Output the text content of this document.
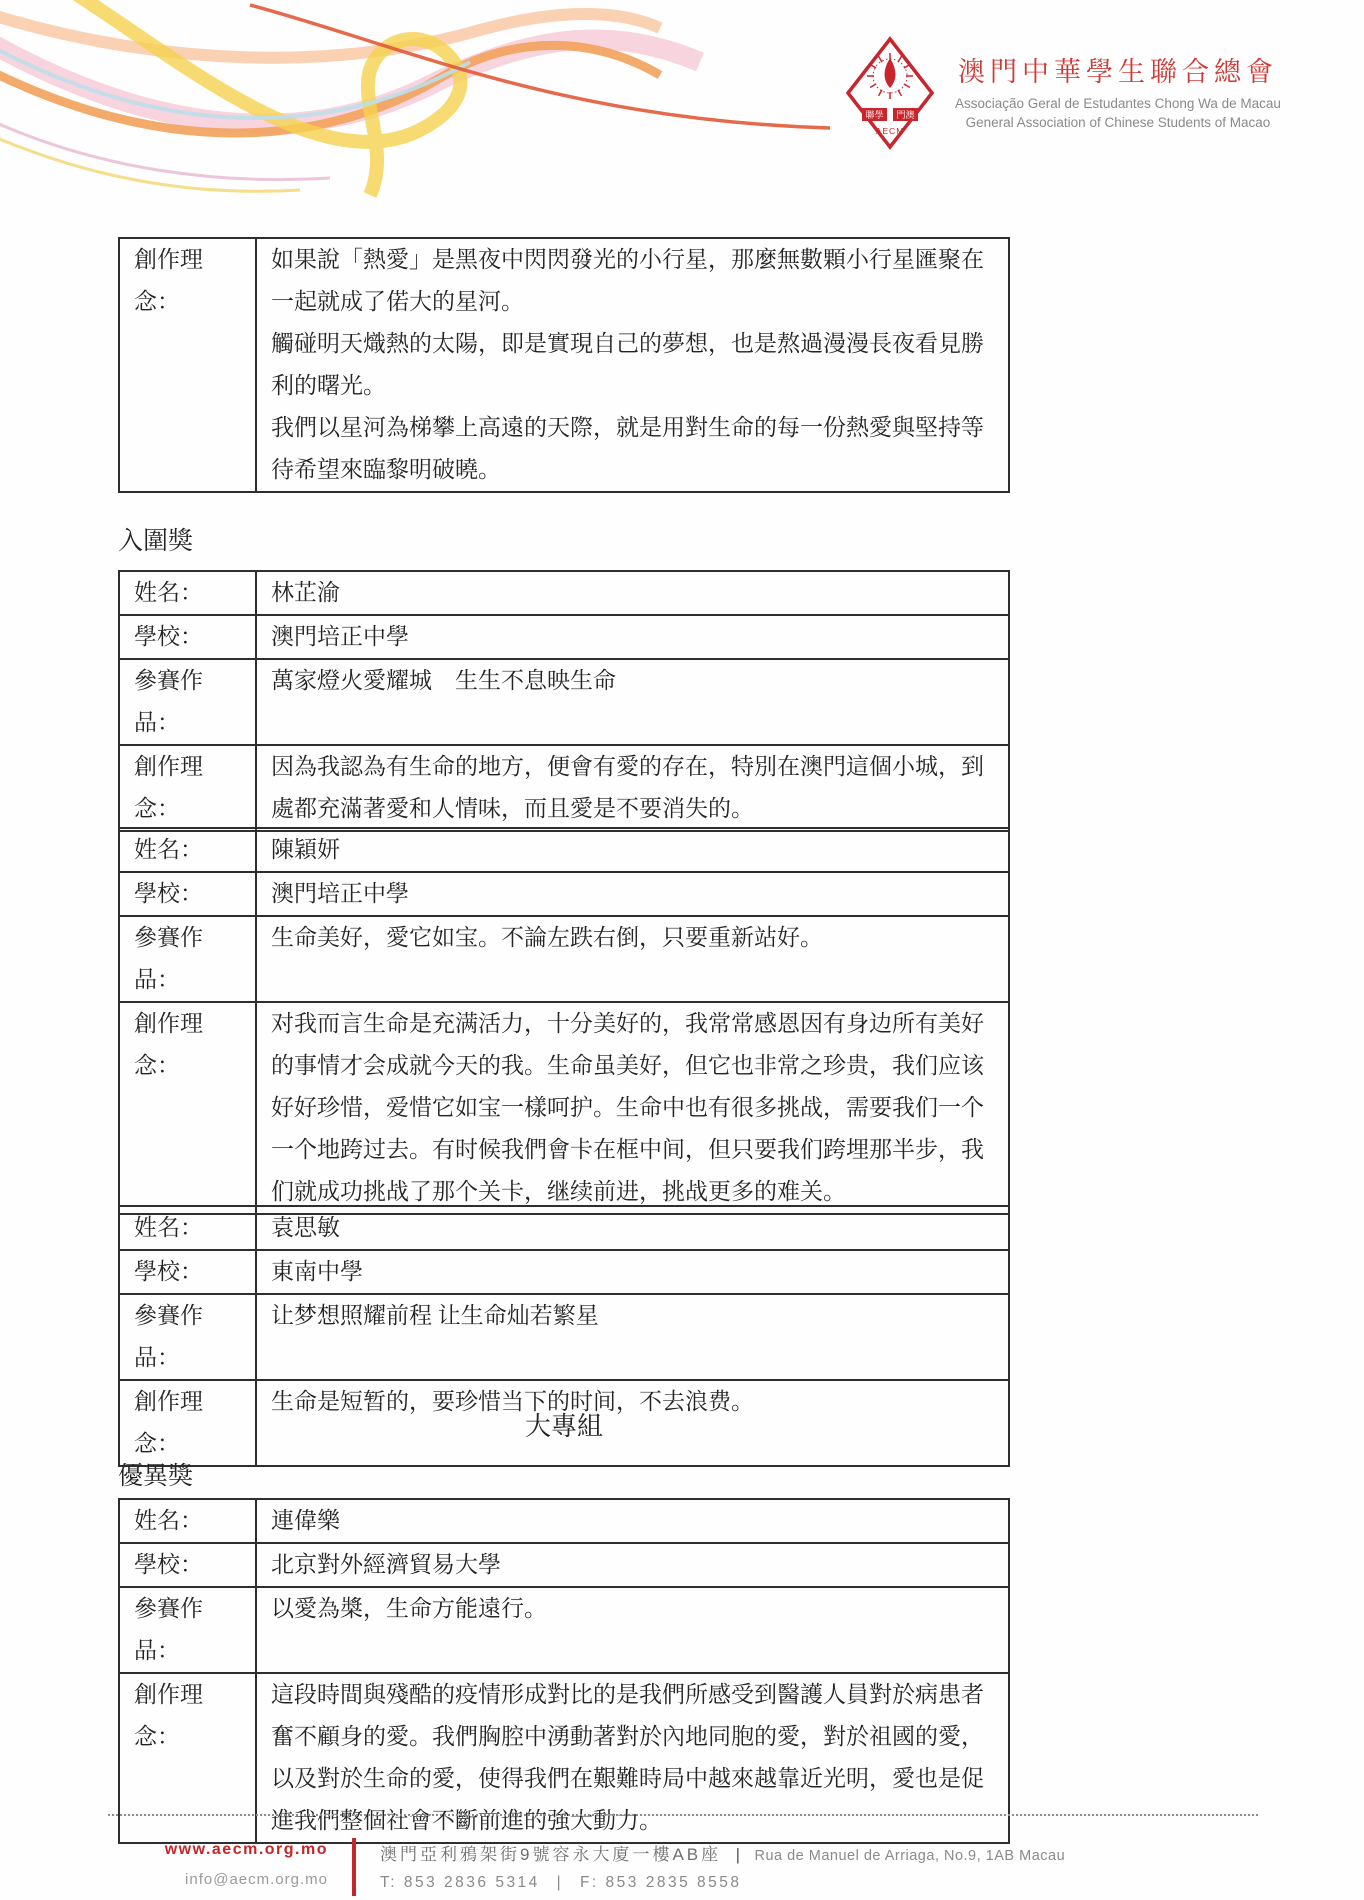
聯學 門澳
AECM
澳門中華學生聯合總會
Associação Geral de Estudantes Chong Wa de Macau
General Association of Chinese Students of Macao
創作理念：	

如果說「熱愛」是黑夜中閃閃發光的小行星，那麼無數顆小行星匯聚在一起就成了偌大的星河。

觸碰明天熾熱的太陽，即是實現自己的夢想，也是熬過漫漫長夜看見勝利的曙光。

我們以星河為梯攀上高遠的天際，就是用對生命的每一份熱愛與堅持等待希望來臨黎明破曉。

入圍獎
姓名：	林芷渝
學校：	澳門培正中學
參賽作品：	萬家燈火愛耀城　生生不息映生命
創作理念：	因為我認為有生命的地方，便會有愛的存在，特別在澳門這個小城，到處都充滿著愛和人情味，而且愛是不要消失的。
姓名：	陳穎妍
學校：	澳門培正中學
參賽作品：	生命美好，愛它如宝。不論左跌右倒，只要重新站好。
創作理念：	对我而言生命是充满活力，十分美好的，我常常感恩因有身边所有美好的事情才会成就今天的我。生命虽美好，但它也非常之珍贵，我们应该好好珍惜，爱惜它如宝一樣呵护。生命中也有很多挑战，需要我们一个一个地跨过去。有时候我們會卡在框中间，但只要我们跨埋那半步，我们就成功挑战了那个关卡，继续前进，挑战更多的难关。
姓名：	袁思敏
學校：	東南中學
參賽作品：	让梦想照耀前程 让生命灿若繁星
創作理念：	生命是短暂的，要珍惜当下的时间，不去浪费。
大專組
優異獎
姓名：	連偉樂
學校：	北京對外經濟貿易大學
參賽作品：	以愛為槳，生命方能遠行。
創作理念：	這段時間與殘酷的疫情形成對比的是我們所感受到醫護人員對於病患者奮不顧身的愛。我們胸腔中湧動著對於內地同胞的愛，對於祖國的愛，以及對於生命的愛，使得我們在艱難時局中越來越靠近光明，愛也是促進我們整個社會不斷前進的強大動力。
www.aecm.org.mo
info@aecm.org.mo
澳門亞利鴉架街9號容永大廈一樓AB座 | Rua de Manuel de Arriaga, No.9, 1AB Macau
T: 853 2836 5314 | F: 853 2835 8558
